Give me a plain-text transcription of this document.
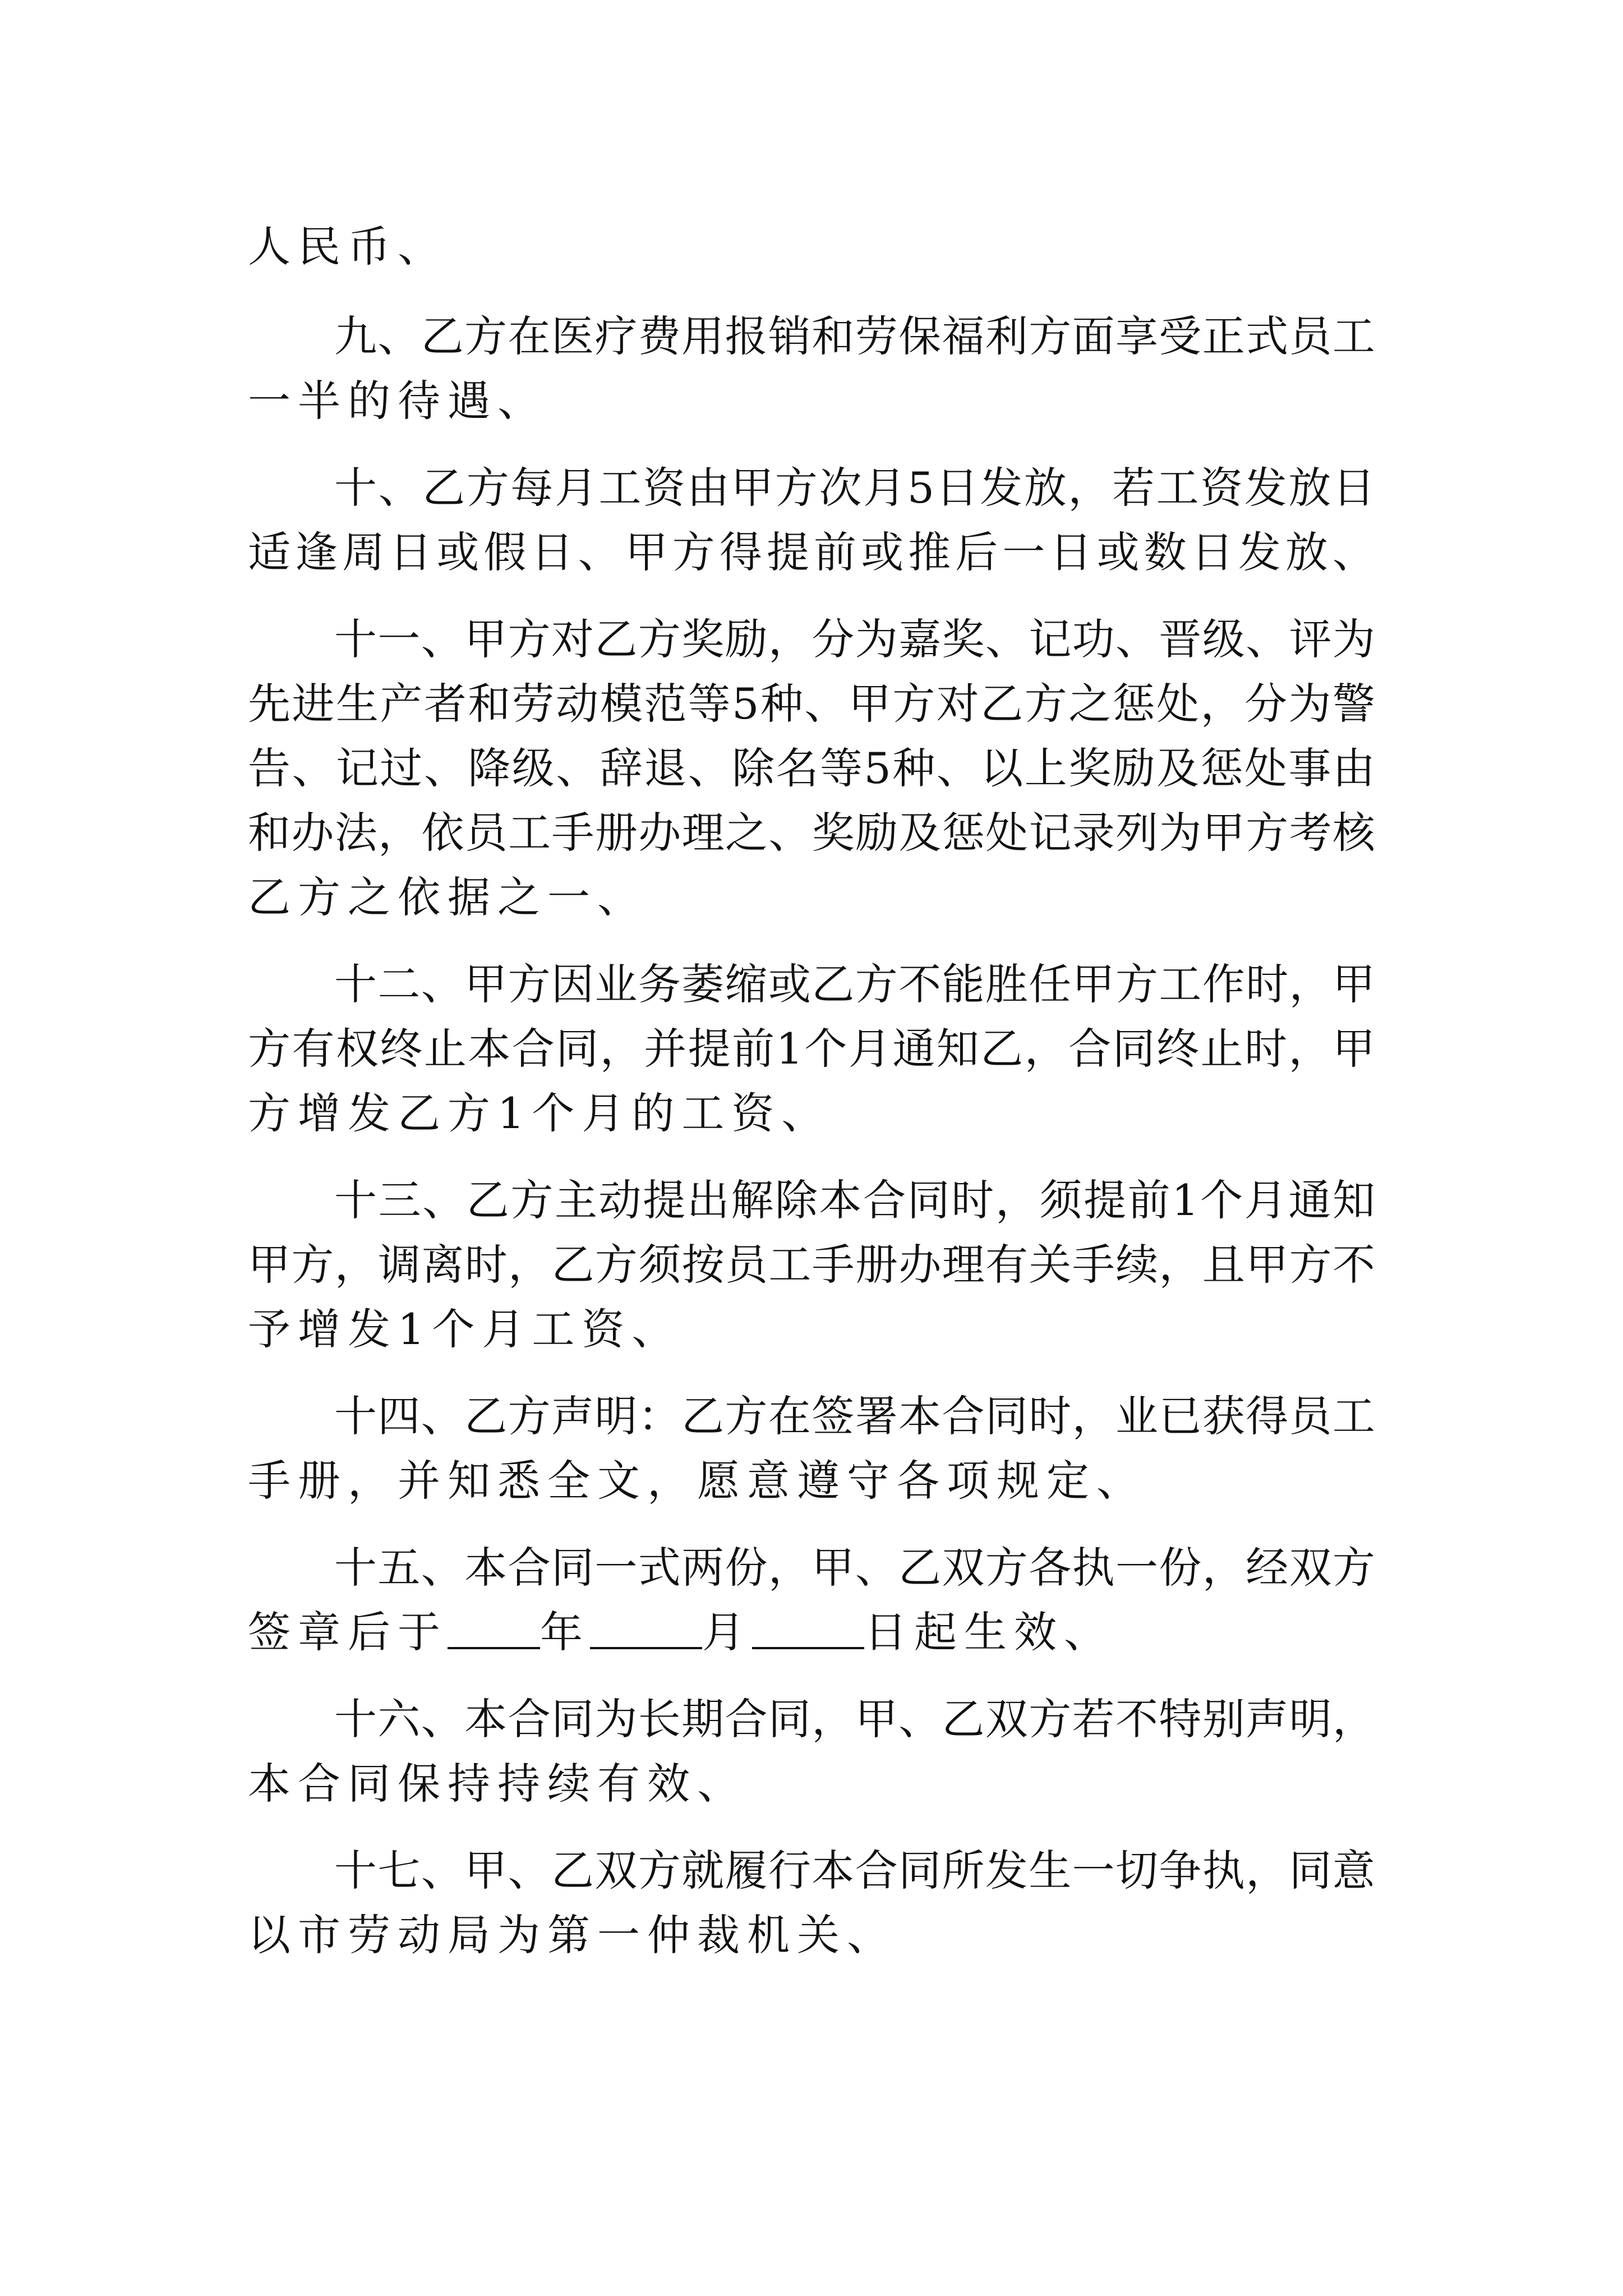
人民币、
九、乙方在医疗费用报销和劳保福利方面享受正式员工
一半的待遇、
十、乙方每月工资由甲方次月5日发放，若工资发放日
适逢周日或假日、甲方得提前或推后一日或数日发放、
十一、甲方对乙方奖励，分为嘉奖、记功、晋级、评为
先进生产者和劳动模范等5种、甲方对乙方之惩处，分为警
告、记过、降级、辞退、除名等5种、以上奖励及惩处事由
和办法，依员工手册办理之、奖励及惩处记录列为甲方考核
乙方之依据之一、
十二、甲方因业务萎缩或乙方不能胜任甲方工作时，甲
方有权终止本合同，并提前1个月通知乙，合同终止时，甲
方增发乙方1个月的工资、
十三、乙方主动提出解除本合同时，须提前1个月通知
甲方，调离时，乙方须按员工手册办理有关手续，且甲方不
予增发1个月工资、
十四、乙方声明：乙方在签署本合同时，业已获得员工
手册，并知悉全文，愿意遵守各项规定、
十五、本合同一式两份，甲、乙双方各执一份，经双方
签章后于 年	月	日起生效、
十六、本合同为长期合同，甲、乙双方若不特别声明，
本合同保持持续有效、
十七、甲、乙双方就履行本合同所发生一切争执，同意
以市劳动局为第一仲裁机关、
